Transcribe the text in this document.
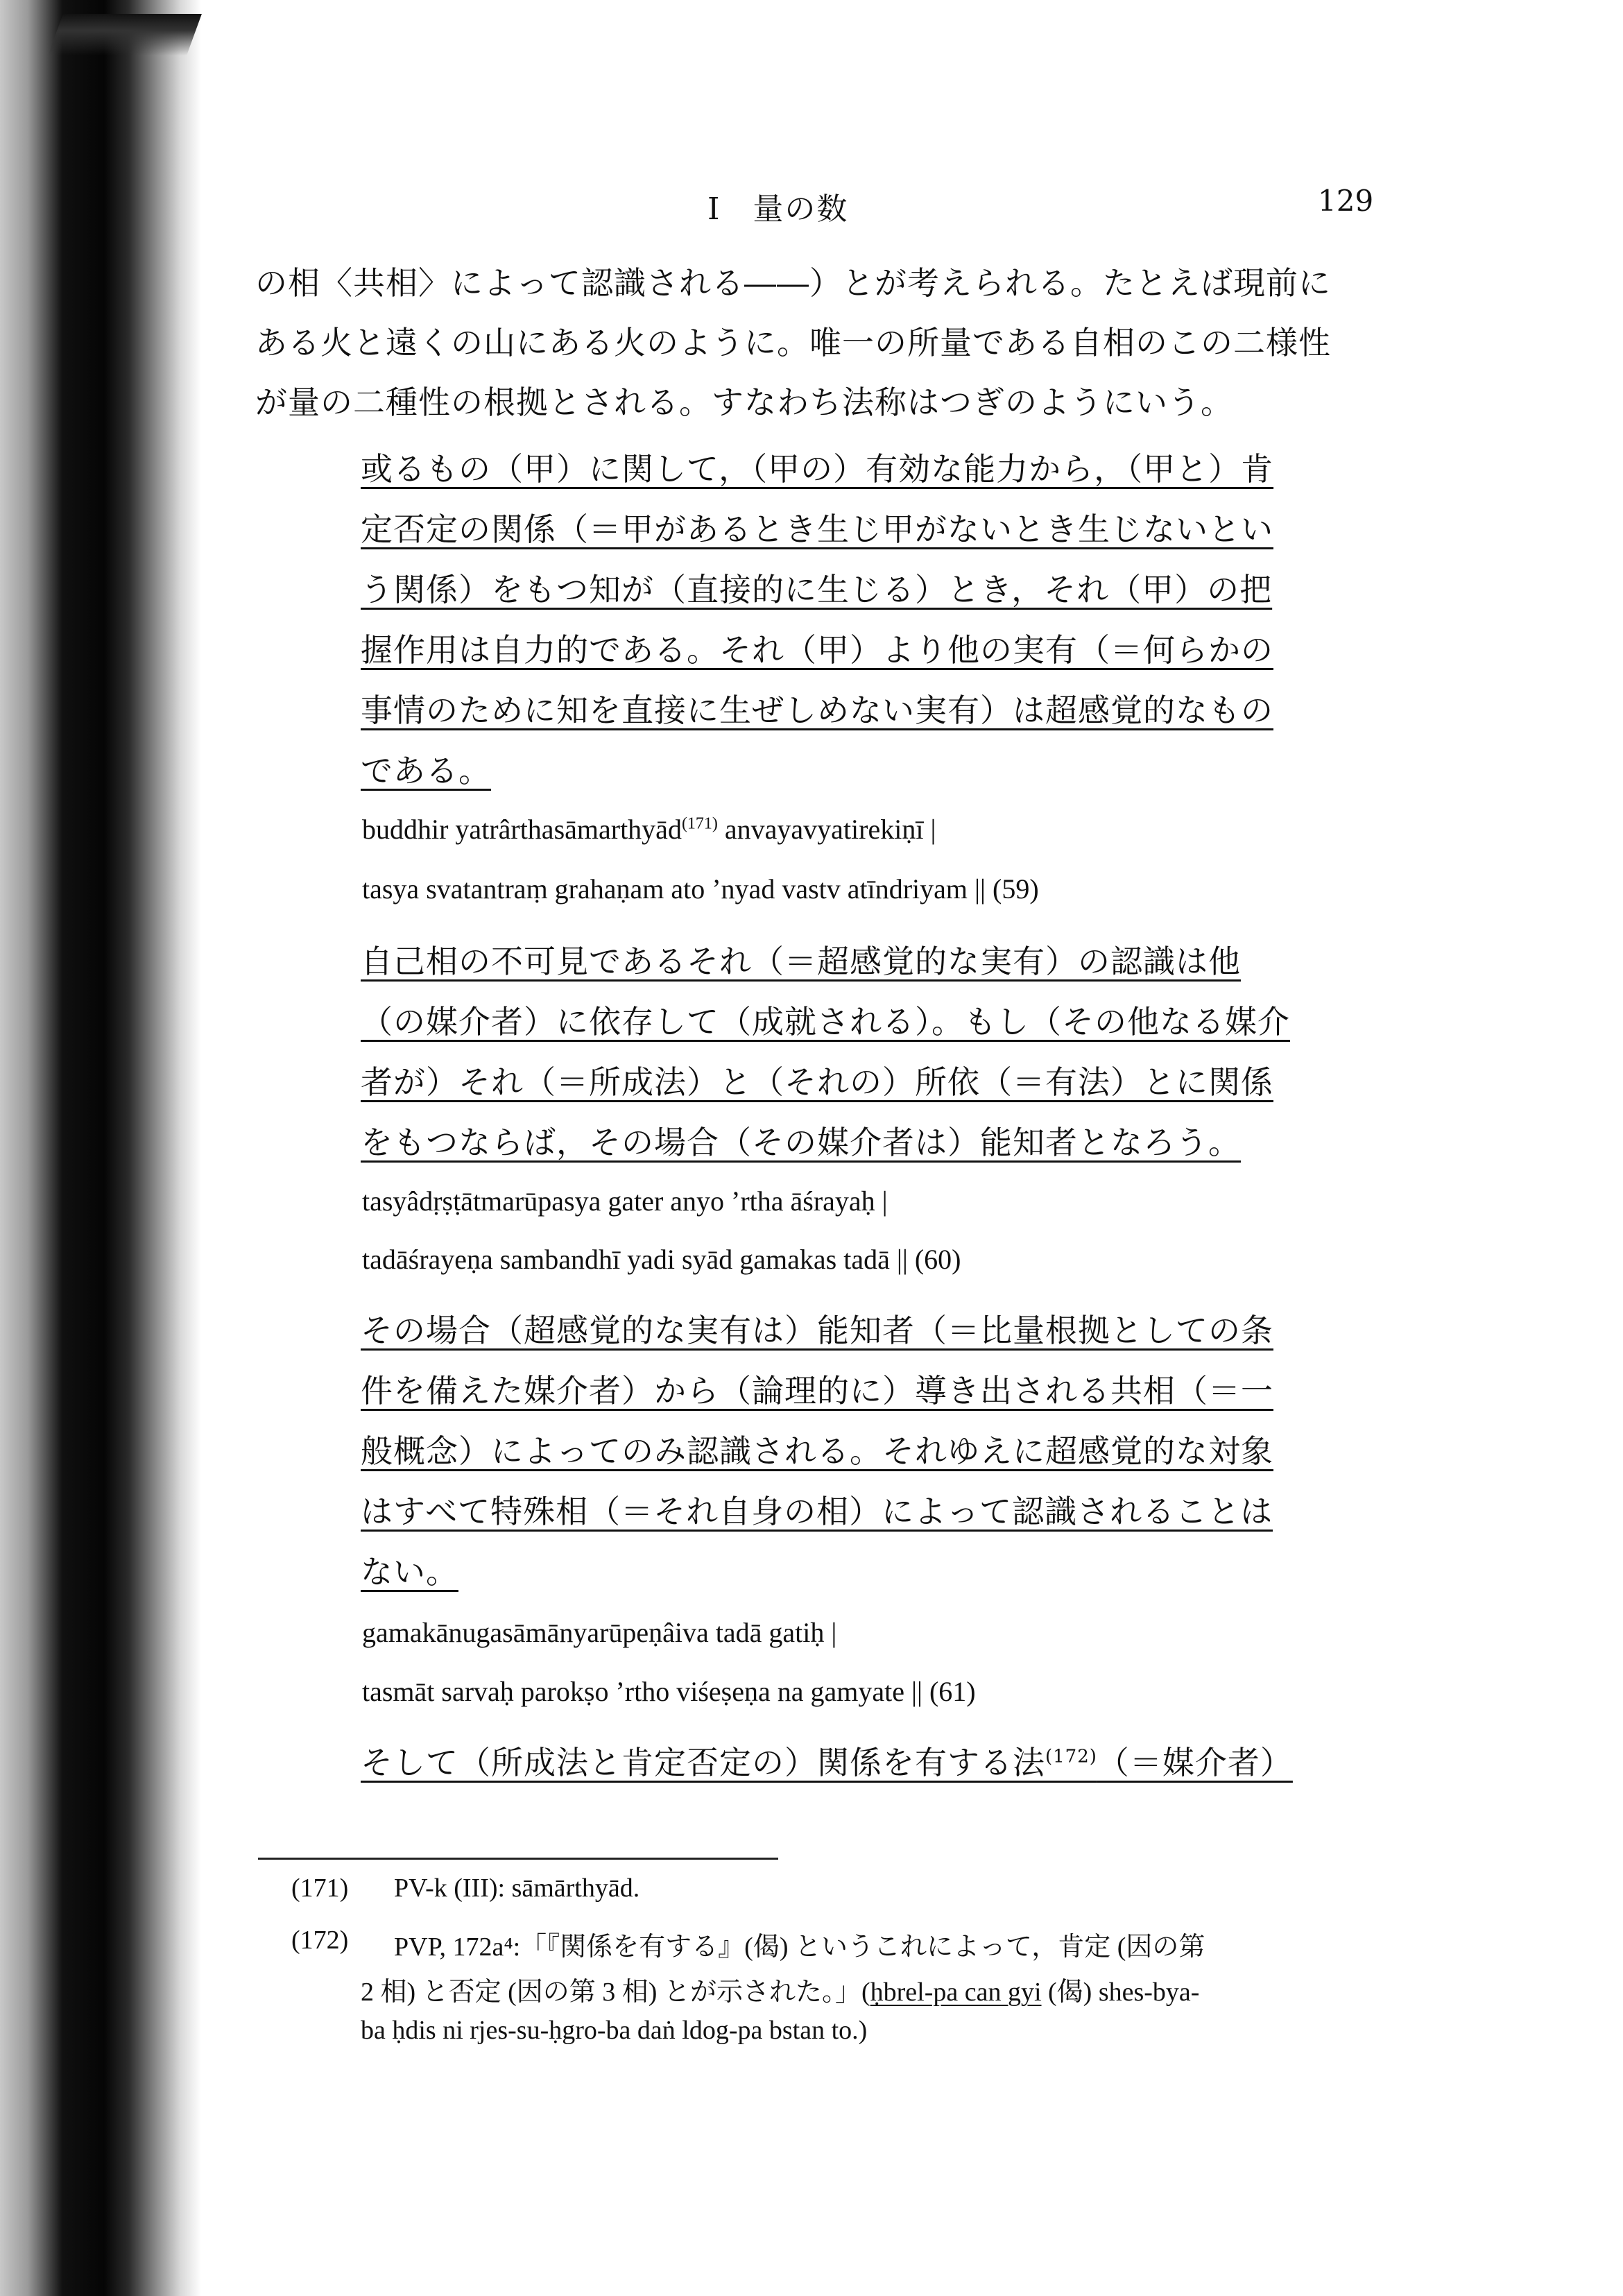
I　量の数	129
の相〈共相〉によって認識される――）とが考えられる。たとえば現前に
ある火と遠くの山にある火のように。唯一の所量である自相のこの二様性
が量の二種性の根拠とされる。すなわち法称はつぎのようにいう。
或るもの（甲）に関して，（甲の）有効な能力から，（甲と）肯
定否定の関係（＝甲があるとき生じ甲がないとき生じないとい
う関係）をもつ知が（直接的に生じる）とき，それ（甲）の把
握作用は自力的である。それ（甲）より他の実有（＝何らかの
事情のために知を直接に生ぜしめない実有）は超感覚的なもの
である。
buddhir yatrârthasāmarthyād$^{(171)}$ anvayavyatirekiṇī |
tasya svatantraṃ grahaṇam ato ’nyad vastv atīndriyam || (59)
自己相の不可見であるそれ（＝超感覚的な実有）の認識は他
（の媒介者）に依存して（成就される）。もし（その他なる媒介
者が）それ（＝所成法）と（それの）所依（＝有法）とに関係
をもつならば，その場合（その媒介者は）能知者となろう。
tasyâdṛṣṭātmarūpasya gater anyo ’rtha āśrayaḥ |
tadāśrayeṇa sambandhī yadi syād gamakas tadā || (60)
その場合（超感覚的な実有は）能知者（＝比量根拠としての条
件を備えた媒介者）から（論理的に）導き出される共相（＝一
般概念）によってのみ認識される。それゆえに超感覚的な対象
はすべて特殊相（＝それ自身の相）によって認識されることは
ない。
gamakānugasāmānyarūpeṇâiva tadā gatiḥ |
tasmāt sarvaḥ parokṣo ’rtho viśeṣeṇa na gamyate || (61)
そして（所成法と肯定否定の）関係を有する法$^{(172)}$（＝媒介者）
(171) PV-k (III): sāmārthyād.
(172) PVP, 172a⁴:「『関係を有する』(偈) というこれによって，肯定 (因の第
2 相) と否定 (因の第 3 相) とが示された。」(ḥbrel-pa can gyi (偈) shes-bya-
ba ḥdis ni rjes-su-ḥgro-ba daṅ ldog-pa bstan to.)
